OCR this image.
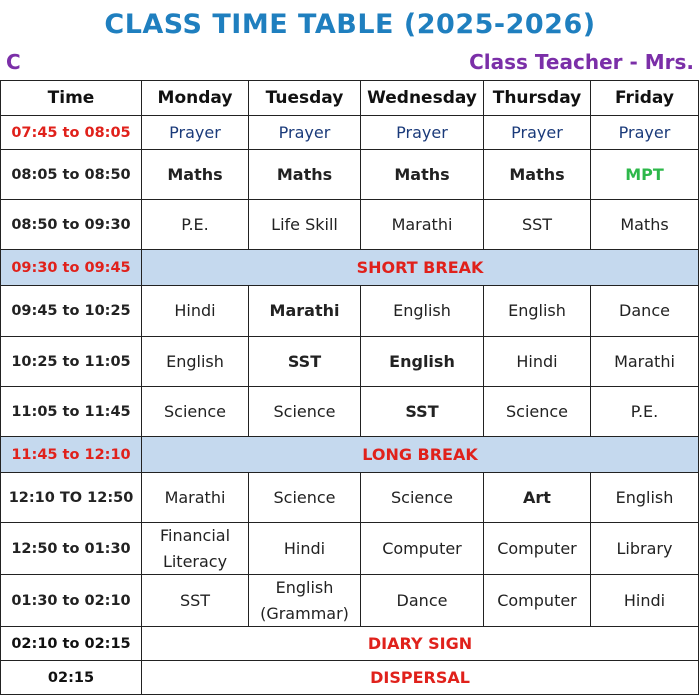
CLASS TIME TABLE (2025-2026)
C	Class Teacher - Mrs.
Time	Monday	Tuesday	Wednesday	Thursday	Friday
07:45 to 08:05	Prayer	Prayer	Prayer	Prayer	Prayer
08:05 to 08:50	Maths	Maths	Maths	Maths	MPT
08:50 to 09:30	P.E.	Life Skill	Marathi	SST	Maths
09:30 to 09:45	SHORT BREAK				
09:45 to 10:25	Hindi	Marathi	English	English	Dance
10:25 to 11:05	English	SST	English	Hindi	Marathi
11:05 to 11:45	Science	Science	SST	Science	P.E.
11:45 to 12:10	LONG BREAK				
12:10 TO 12:50	Marathi	Science	Science	Art	English
12:50 to 01:30	Financial Literacy	Hindi	Computer	Computer	Library
01:30 to 02:10	SST	English (Grammar)	Dance	Computer	Hindi
02:10 to 02:15	DIARY SIGN				
02:15	DISPERSAL				
